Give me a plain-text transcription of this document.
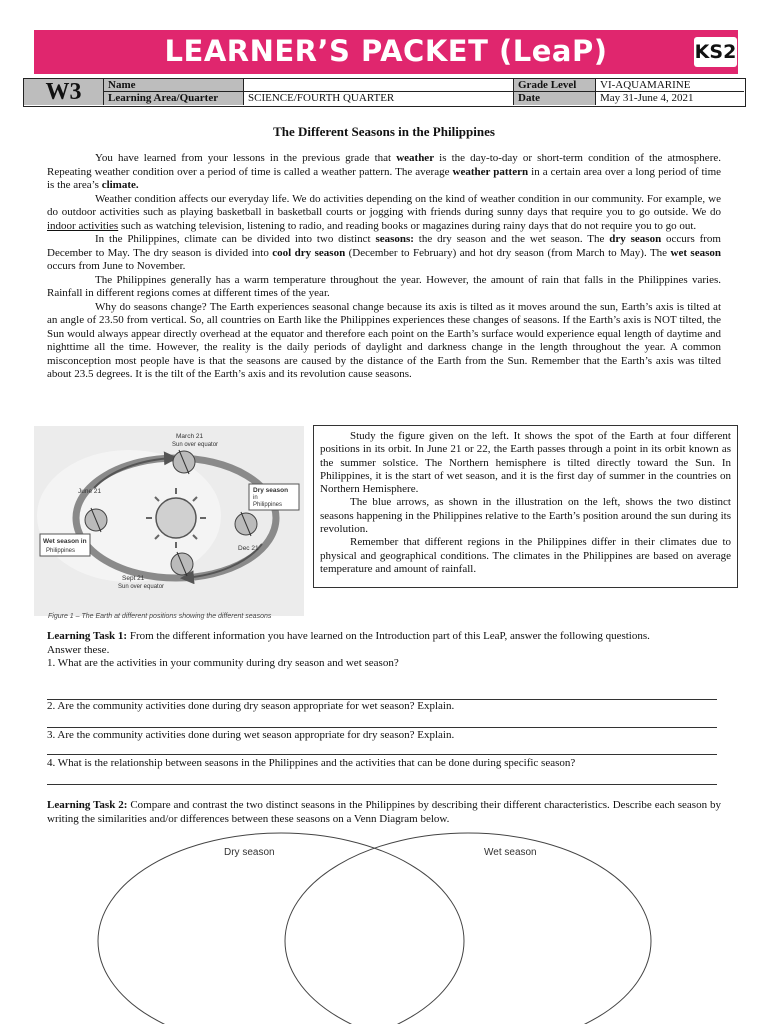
LEARNER’S PACKET (LeaP)	KS2
W3	Name	Grade Level	VI-AQUAMARINE
Learning Area/Quarter	SCIENCE/FOURTH QUARTER	Date	May 31-June 4, 2021
The Different Seasons in the Philippines

You have learned from your lessons in the previous grade that weather is the day-to-day or short-term condition of the atmosphere. Repeating weather condition over a period of time is called a weather pattern. The average weather pattern in a certain area over a long period of time is the area’s climate.

Weather condition affects our everyday life. We do activities depending on the kind of weather condition in our community. For example, we do outdoor activities such as playing basketball in basketball courts or jogging with friends during sunny days that require you to go outside. We do indoor activities such as watching television, listening to radio, and reading books or magazines during rainy days that do not require you to go out.

In the Philippines, climate can be divided into two distinct seasons: the dry season and the wet season. The dry season occurs from December to May. The dry season is divided into cool dry season (December to February) and hot dry season (from March to May). The wet season occurs from June to November.

The Philippines generally has a warm temperature throughout the year. However, the amount of rain that falls in the Philippines varies. Rainfall in different regions comes at different times of the year.

Why do seasons change? The Earth experiences seasonal change because its axis is tilted as it moves around the sun, Earth’s axis is tilted at an angle of 23.50 from vertical. So, all countries on Earth like the Philippines experiences these changes of seasons. If the Earth’s axis is NOT tilted, the Sun would always appear directly overhead at the equator and therefore each point on the Earth’s surface would experience equal length of daytime and nighttime all the time. However, the reality is the daily periods of daylight and darkness change in the length throughout the year. A common misconception most people have is that the seasons are caused by the distance of the Earth from the Sun. Remember that the Earth’s axis was tilted about 23.5 degrees. It is the tilt of the Earth’s axis and its revolution cause seasons.

March 21
Sun over equator
June 21	Dry season
in
Philippines
Wet season in
Philippines	Dec 21
Sept 21
Sun over equator
Figure 1 – The Earth at different positions showing the different seasons

Study the figure given on the left. It shows the spot of the Earth at four different positions in its orbit. In June 21 or 22, the Earth passes through a point in its orbit known as the summer solstice. The Northern hemisphere is tilted directly toward the Sun. In Philippines, it is the start of wet season, and it is the first day of summer in the countries on Northern Hemisphere.

The blue arrows, as shown in the illustration on the left, shows the two distinct seasons happening in the Philippines relative to the Earth’s position around the sun during its revolution.

Remember that different regions in the Philippines differ in their climates due to physical and geographical conditions. The climates in the Philippines are based on average temperature and amount of rainfall.

Learning Task 1: From the different information you have learned on the Introduction part of this LeaP, answer the following questions.
Answer these.
1. What are the activities in your community during dry season and wet season?
2. Are the community activities done during dry season appropriate for wet season? Explain.
3. Are the community activities done during wet season appropriate for dry season? Explain.
4. What is the relationship between seasons in the Philippines and the activities that can be done during specific season?
Learning Task 2: Compare and contrast the two distinct seasons in the Philippines by describing their different characteristics. Describe each season by writing the similarities and/or differences between these seasons on a Venn Diagram below.
Dry season	Wet season
